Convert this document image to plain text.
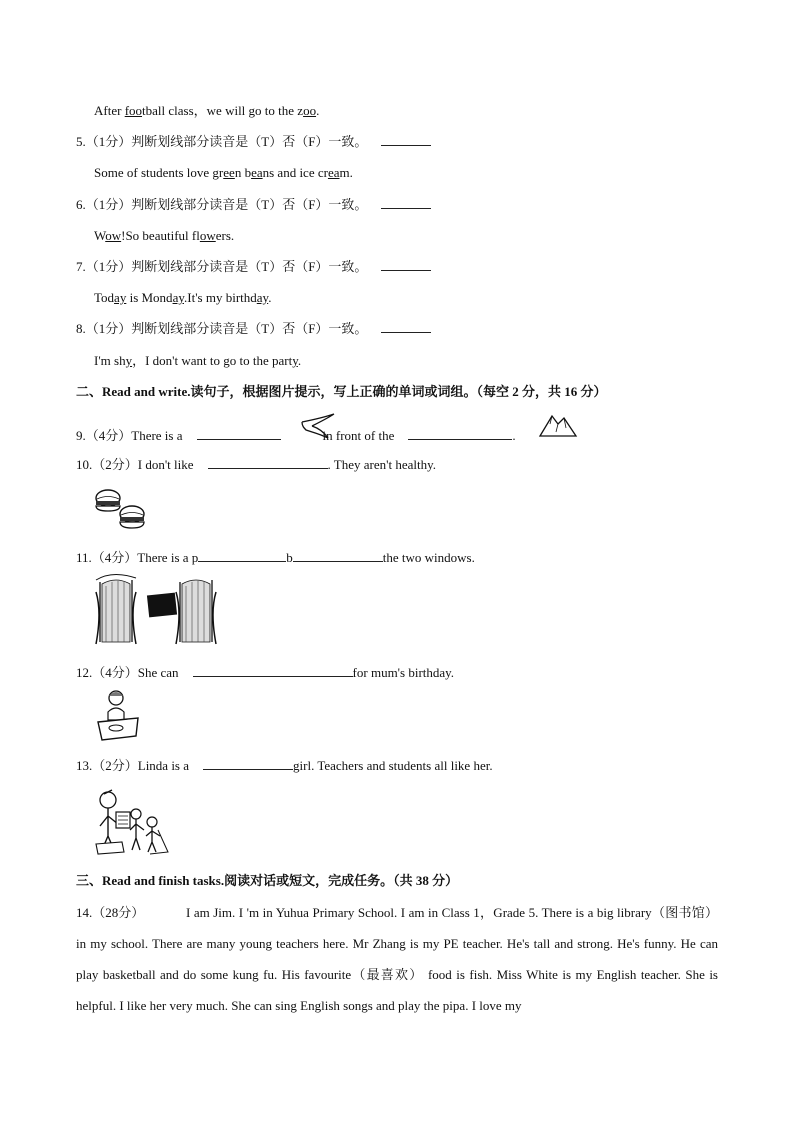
After football class，we will go to the zoo.
5.（1分）判断划线部分读音是（T）否（F）一致。
Some of students love green beans and ice cream.
6.（1分）判断划线部分读音是（T）否（F）一致。
Wow!So beautiful flowers.
7.（1分）判断划线部分读音是（T）否（F）一致。
Today is Monday.It's my birthday.
8.（1分）判断划线部分读音是（T）否（F）一致。
I'm shy，I don't want to go to the party.
二、Read and write.读句子，根据图片提示，写上正确的单词或词组。（每空 2 分，共 16 分）
9.（4分）There is a	in front of the	.
10.（2分）I don't like	. They aren't healthy.
11.（4分）There is a p	b	the two windows.
12.（4分）She can	for mum's birthday.
13.（2分）Linda is a	girl. Teachers and students all like her.
三、Read and finish tasks.阅读对话或短文，完成任务。（共 38 分）

14.（28分）	I am Jim. I 'm in Yuhua Primary School. I am in Class 1，Grade 5. There is a big library（图书馆）in my school. There are many young teachers here. Mr Zhang is my PE teacher. He's tall and strong. He's funny. He can play basketball and do some kung fu. His favourite（最喜欢） food is fish. Miss White is my English teacher. She is helpful. I like her very much. She can sing English songs and play the pipa. I love my
